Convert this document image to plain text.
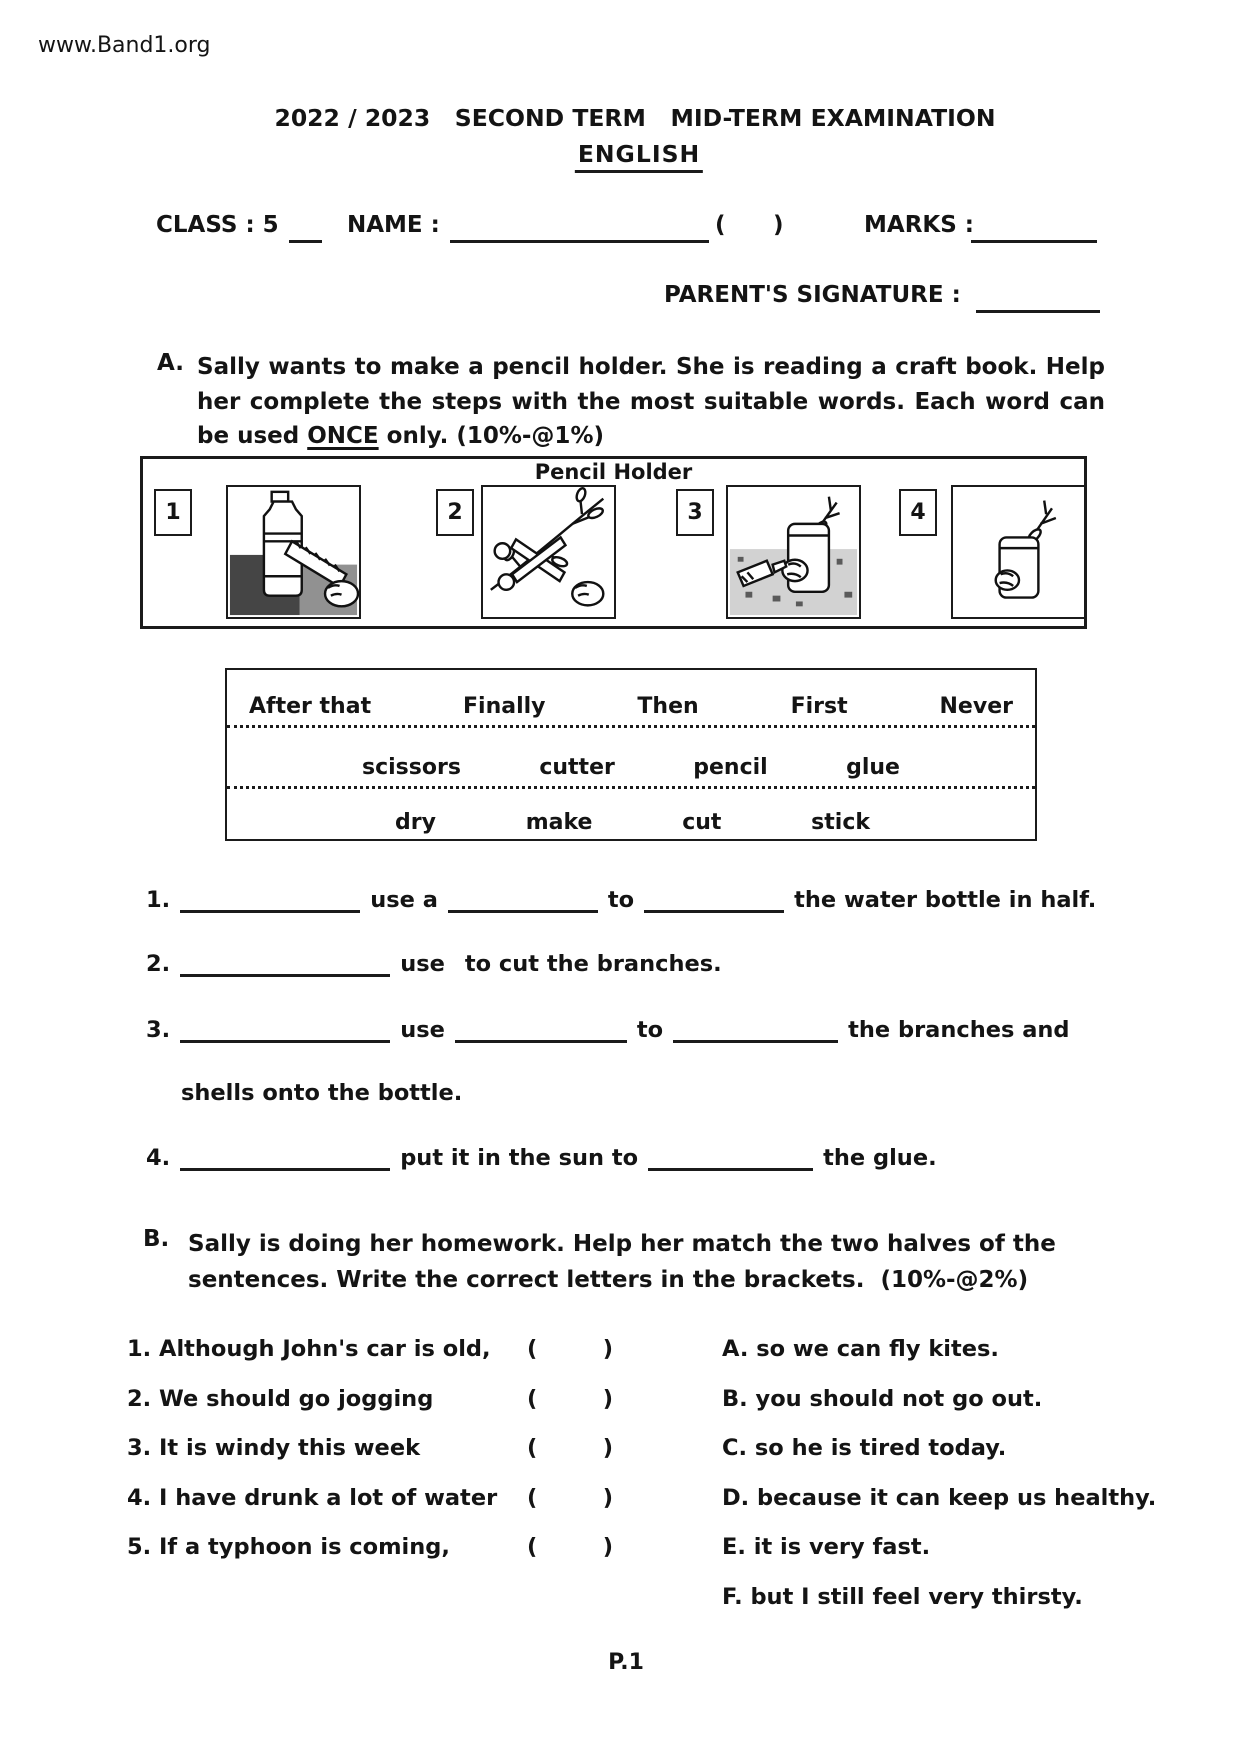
www.Band1.org
2022 / 2023   SECOND TERM   MID-TERM EXAMINATION
ENGLISH
CLASS : 5	NAME :	( )	MARKS :
PARENT'S SIGNATURE :
A. Sally wants to make a pencil holder. She is reading a craft book. Help her complete the steps with the most suitable words. Each word can be used ONCE only. (10%-@1%)
Pencil Holder
1	2	3	4
After that	Finally	Then	First	Never
scissors	cutter	pencil	glue
dry	make	cut	stick
1.	use a	to	the water bottle in half.
2.	use to cut the branches.
3.	use	to	the branches and
shells onto the bottle.
4.	put it in the sun to	the glue.
B. Sally is doing her homework. Help her match the two halves of the sentences. Write the correct letters in the brackets.  (10%-@2%)
1. Although John's car is old,	(	)	A. so we can fly kites.
2. We should go jogging	(	)	B. you should not go out.
3. It is windy this week	(	)	C. so he is tired today.
4. I have drunk a lot of water	(	)	D. because it can keep us healthy.
5. If a typhoon is coming,	(	)	E. it is very fast.
F. but I still feel very thirsty.
P.1
